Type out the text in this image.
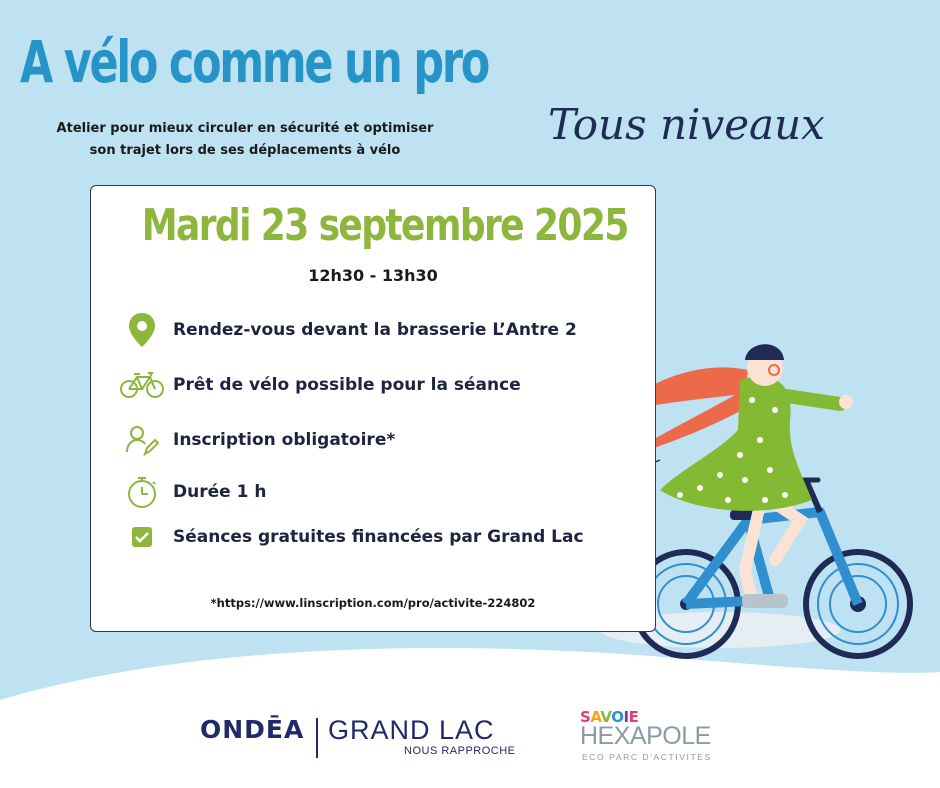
A vélo comme un pro
Atelier pour mieux circuler en sécurité et optimiser
son trajet lors de ses déplacements à vélo
Tous niveaux
Mardi 23 septembre 2025
12h30 - 13h30
Rendez-vous devant la brasserie L’Antre 2
Prêt de vélo possible pour la séance
Inscription obligatoire*
Durée 1 h
Séances gratuites financées par Grand Lac
*https://www.linscription.com/pro/activite-224802
ONDĒA GRAND LAC
NOUS RAPPROCHE
SAVOIE
HEXAPOLE
ECO PARC D'ACTIVITES
